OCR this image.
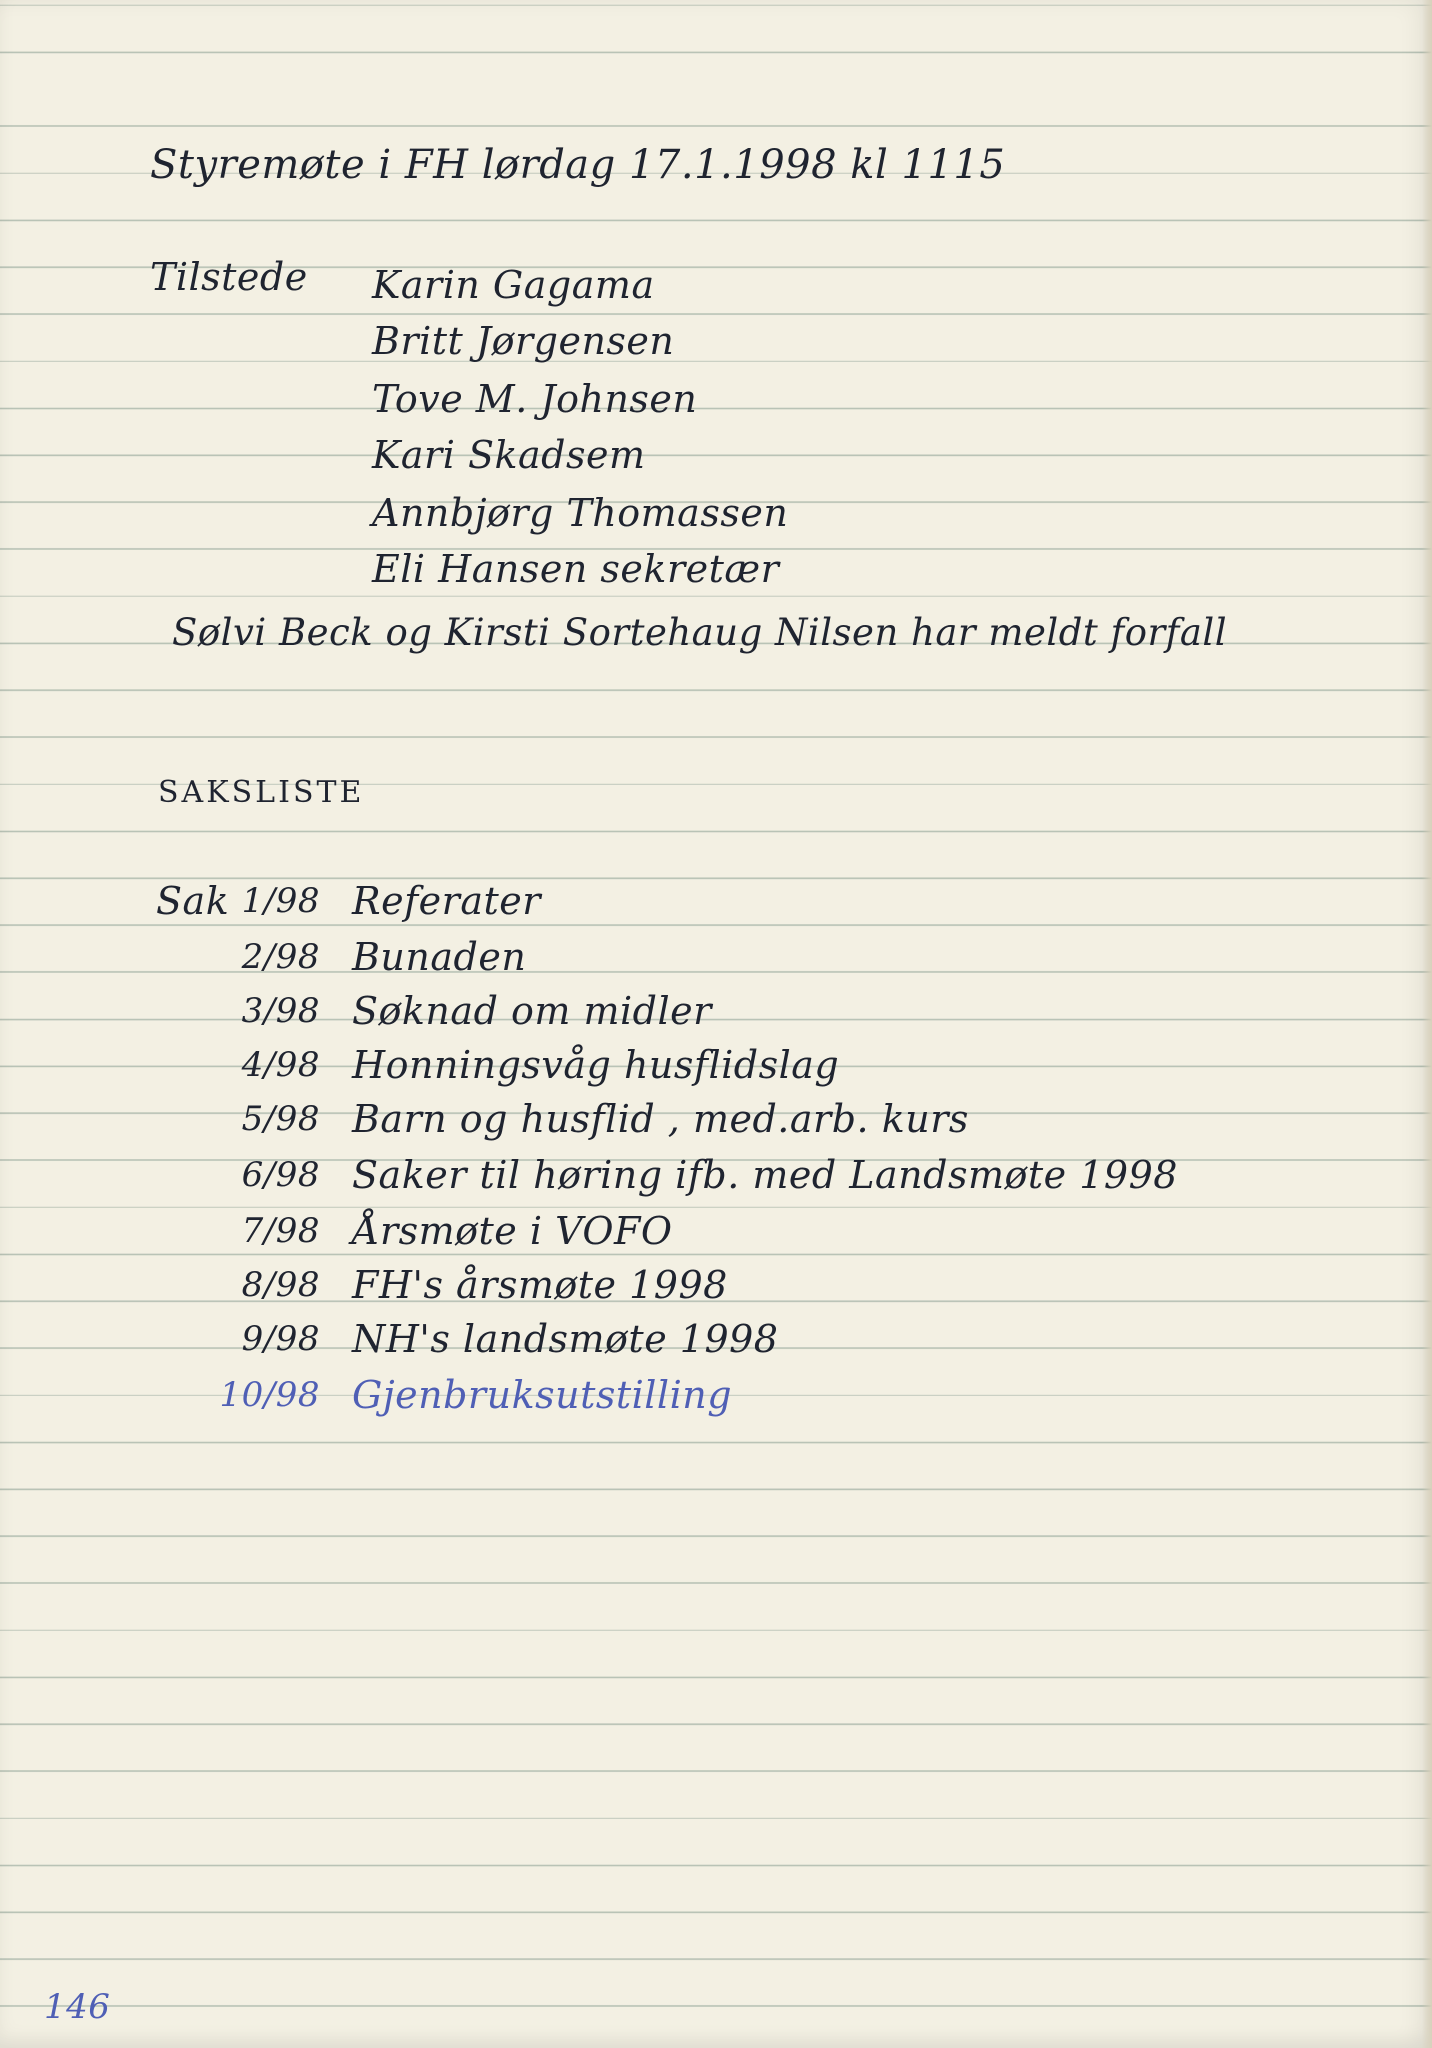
Styremøte i FH lørdag 17.1.1998 kl 1115
Tilstede Karin Gagama
Britt Jørgensen
Tove M. Johnsen
Kari Skadsem
Annbjørg Thomassen
Eli Hansen sekretær
Sølvi Beck og Kirsti Sortehaug Nilsen har meldt forfall
SAKSLISTE
Sak 1/98 Referater
2/98 Bunaden
3/98 Søknad om midler
4/98 Honningsvåg husflidslag
5/98 Barn og husflid , med.arb. kurs
6/98 Saker til høring ifb. med Landsmøte 1998
7/98 Årsmøte i VOFO
8/98 FH's årsmøte 1998
9/98 NH's landsmøte 1998
10/98 Gjenbruksutstilling
146
